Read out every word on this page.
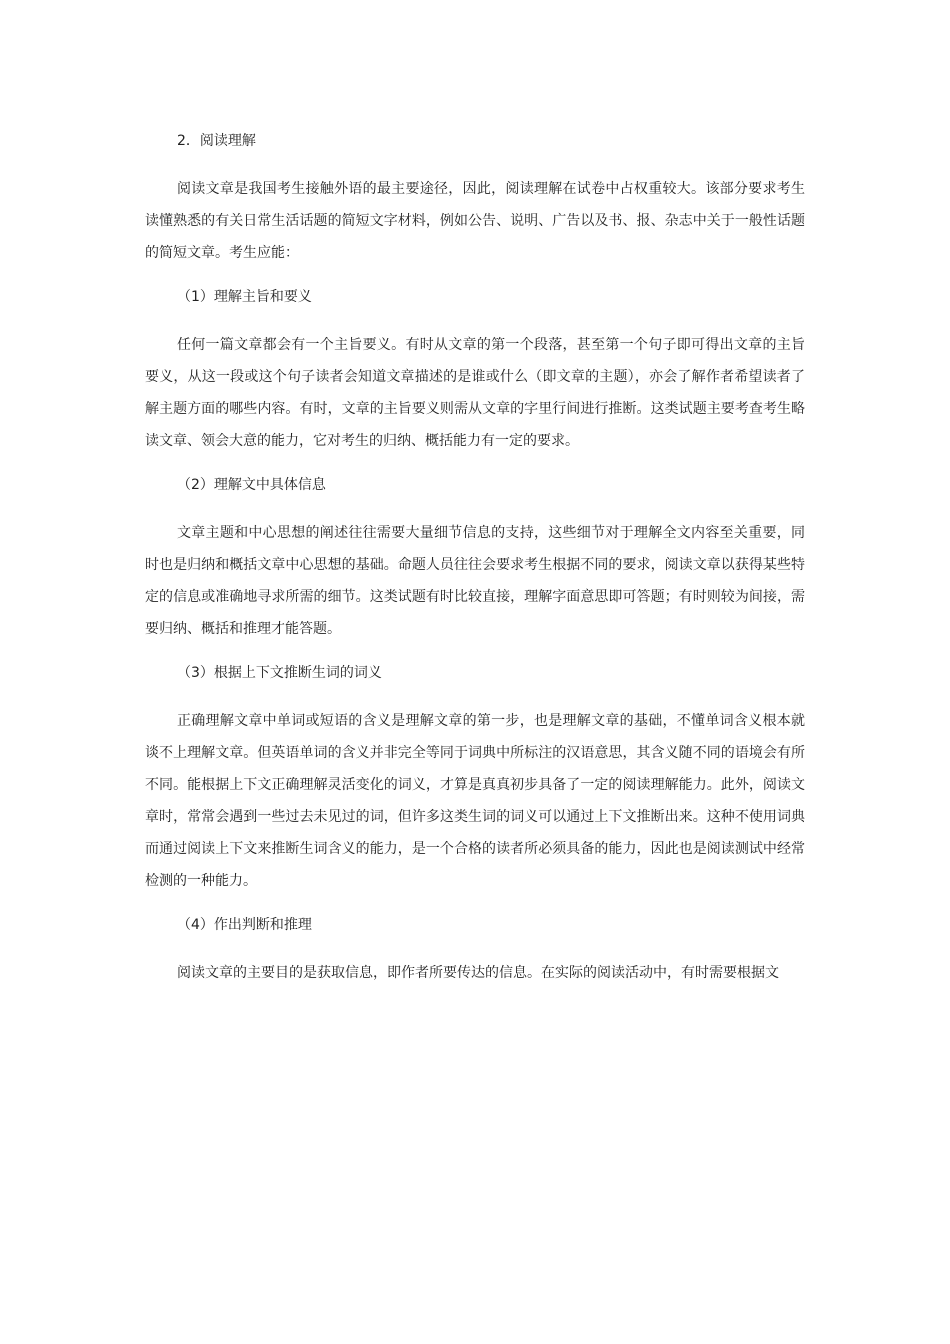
2．阅读理解

阅读文章是我国考生接触外语的最主要途径，因此，阅读理解在试卷中占权重较大。该部分要求考生读懂熟悉的有关日常生活话题的简短文字材料，例如公告、说明、广告以及书、报、杂志中关于一般性话题的简短文章。考生应能：

（1）理解主旨和要义

任何一篇文章都会有一个主旨要义。有时从文章的第一个段落，甚至第一个句子即可得出文章的主旨要义，从这一段或这个句子读者会知道文章描述的是谁或什么（即文章的主题），亦会了解作者希望读者了解主题方面的哪些内容。有时，文章的主旨要义则需从文章的字里行间进行推断。这类试题主要考查考生略读文章、领会大意的能力，它对考生的归纳、概括能力有一定的要求。

（2）理解文中具体信息

文章主题和中心思想的阐述往往需要大量细节信息的支持，这些细节对于理解全文内容至关重要，同时也是归纳和概括文章中心思想的基础。命题人员往往会要求考生根据不同的要求，阅读文章以获得某些特定的信息或准确地寻求所需的细节。这类试题有时比较直接，理解字面意思即可答题；有时则较为间接，需要归纳、概括和推理才能答题。

（3）根据上下文推断生词的词义

正确理解文章中单词或短语的含义是理解文章的第一步，也是理解文章的基础，不懂单词含义根本就谈不上理解文章。但英语单词的含义并非完全等同于词典中所标注的汉语意思，其含义随不同的语境会有所不同。能根据上下文正确理解灵活变化的词义，才算是真真初步具备了一定的阅读理解能力。此外，阅读文章时，常常会遇到一些过去未见过的词，但许多这类生词的词义可以通过上下文推断出来。这种不使用词典而通过阅读上下文来推断生词含义的能力，是一个合格的读者所必须具备的能力，因此也是阅读测试中经常检测的一种能力。

（4）作出判断和推理

阅读文章的主要目的是获取信息，即作者所要传达的信息。在实际的阅读活动中，有时需要根据文
